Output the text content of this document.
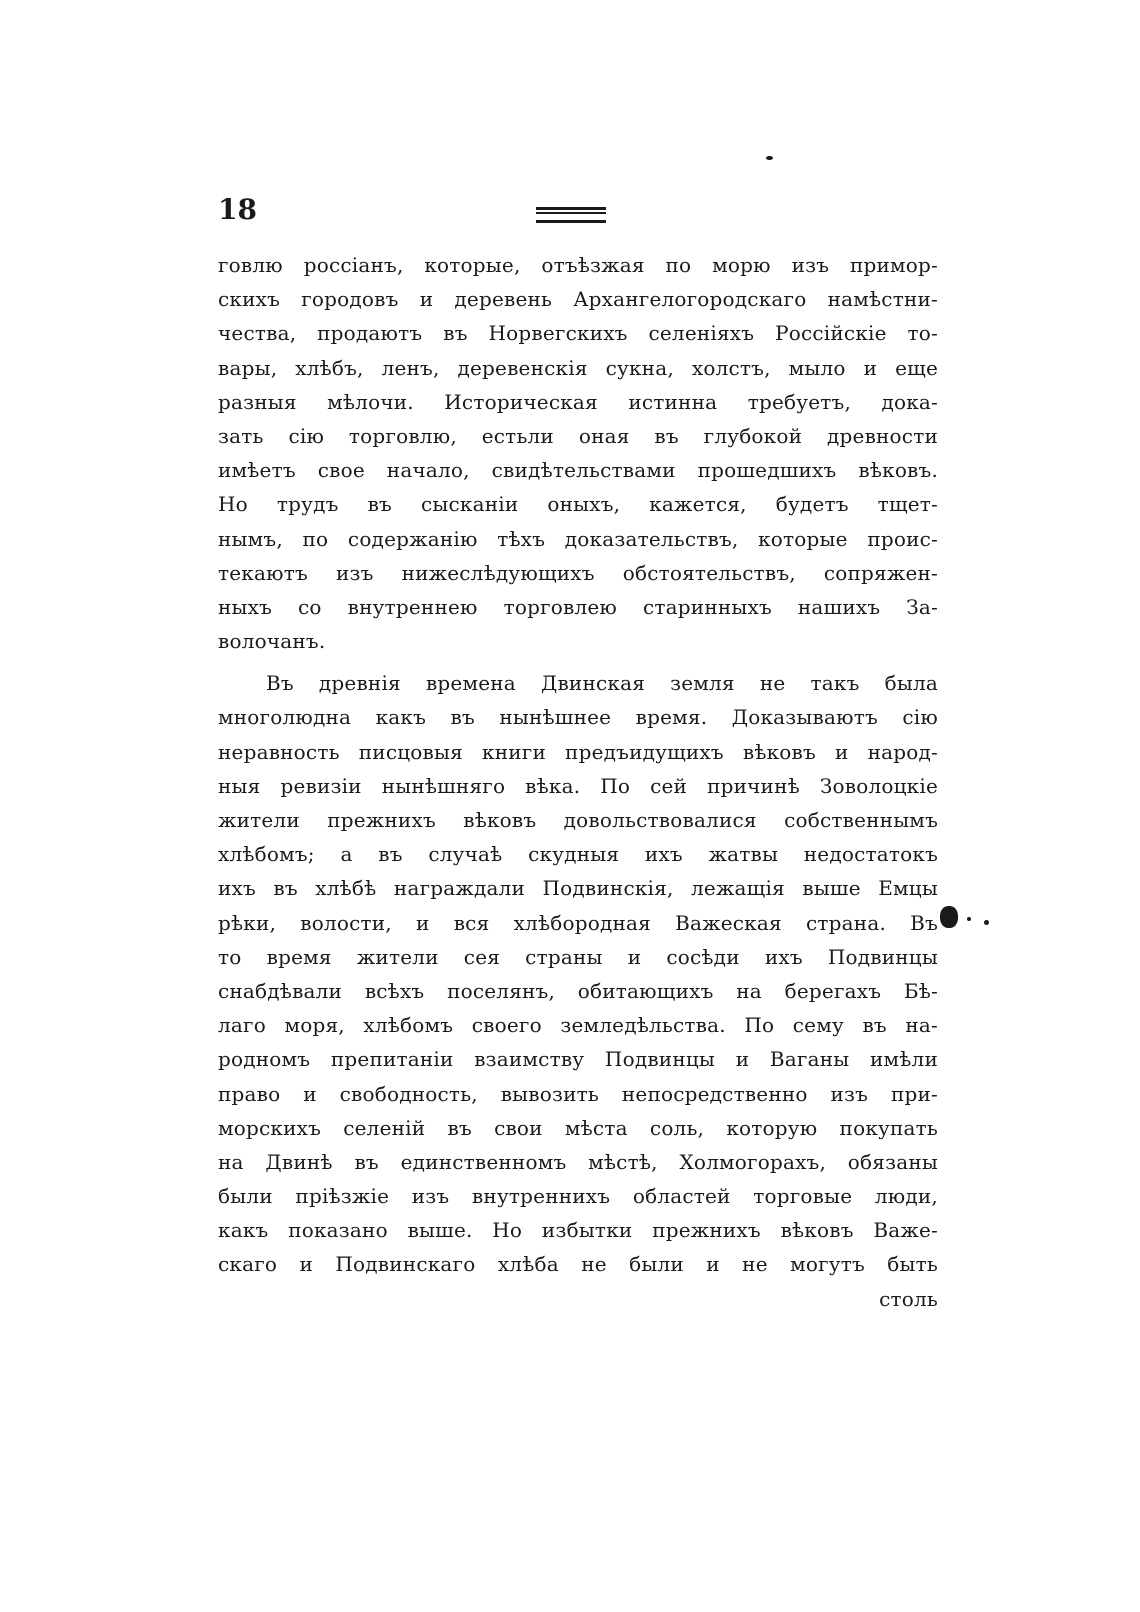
18
говлю россіанъ, которые, отъѣзжая по морю изъ примор-
скихъ городовъ и деревень Архангелогородскаго намѣстни-
чества, продаютъ въ Норвегскихъ селеніяхъ Россійскіе то-
вары, хлѣбъ, ленъ, деревенскія сукна, холстъ, мыло и еще
разныя мѣлочи. Историческая истинна требуетъ, дока-
зать сію торговлю, естьли оная въ глубокой древности
имѣетъ свое начало, свидѣтельствами прошедшихъ вѣковъ.
Но трудъ въ сысканіи оныхъ, кажется, будетъ тщет-
нымъ, по содержанію тѣхъ доказательствъ, которые проис-
текаютъ изъ нижеслѣдующихъ обстоятельствъ, сопряжен-
ныхъ со внутреннею торговлею старинныхъ нашихъ За-
волочанъ.
Въ древнія времена Двинская земля не такъ была
многолюдна какъ въ нынѣшнее время. Доказываютъ сію
неравность писцовыя книги предъидущихъ вѣковъ и народ-
ныя ревизіи нынѣшняго вѣка. По сей причинѣ Зоволоцкіе
жители прежнихъ вѣковъ довольствовалися собственнымъ
хлѣбомъ; а въ случаѣ скудныя ихъ жатвы недостатокъ
ихъ въ хлѣбѣ награждали Подвинскія, лежащія выше Емцы
рѣки, волости, и вся хлѣбородная Важеская страна. Въ
то время жители сея страны и сосѣди ихъ Подвинцы
снабдѣвали всѣхъ поселянъ, обитающихъ на берегахъ Бѣ-
лаго моря, хлѣбомъ своего земледѣльства. По сему въ на-
родномъ препитаніи взаимству Подвинцы и Ваганы имѣли
право и свободность, вывозить непосредственно изъ при-
морскихъ селеній въ свои мѣста соль, которую покупать
на Двинѣ въ единственномъ мѣстѣ, Холмогорахъ, обязаны
были пріѣзжіе изъ внутреннихъ областей торговые люди,
какъ показано выше. Но избытки прежнихъ вѣковъ Важе-
скаго и Подвинскаго хлѣба не были и не могутъ быть
столь
